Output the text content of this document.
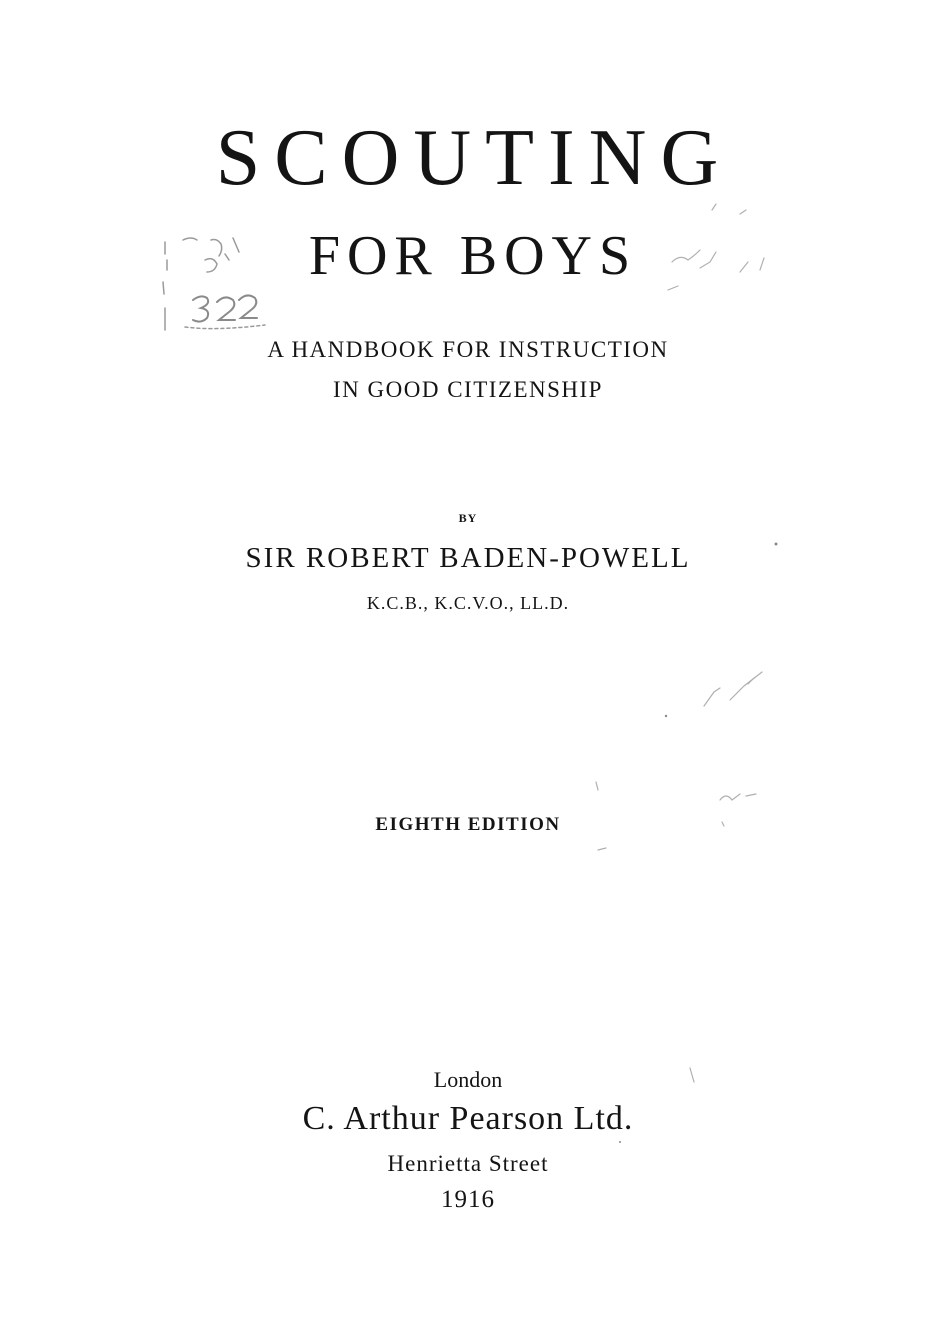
SCOUTING
FOR BOYS

A HANDBOOK FOR INSTRUCTION

IN GOOD CITIZENSHIP

BY

SIR ROBERT BADEN-POWELL

K.C.B., K.C.V.O., LL.D.

EIGHTH EDITION

London

C. Arthur Pearson Ltd.

Henrietta Street

1916
